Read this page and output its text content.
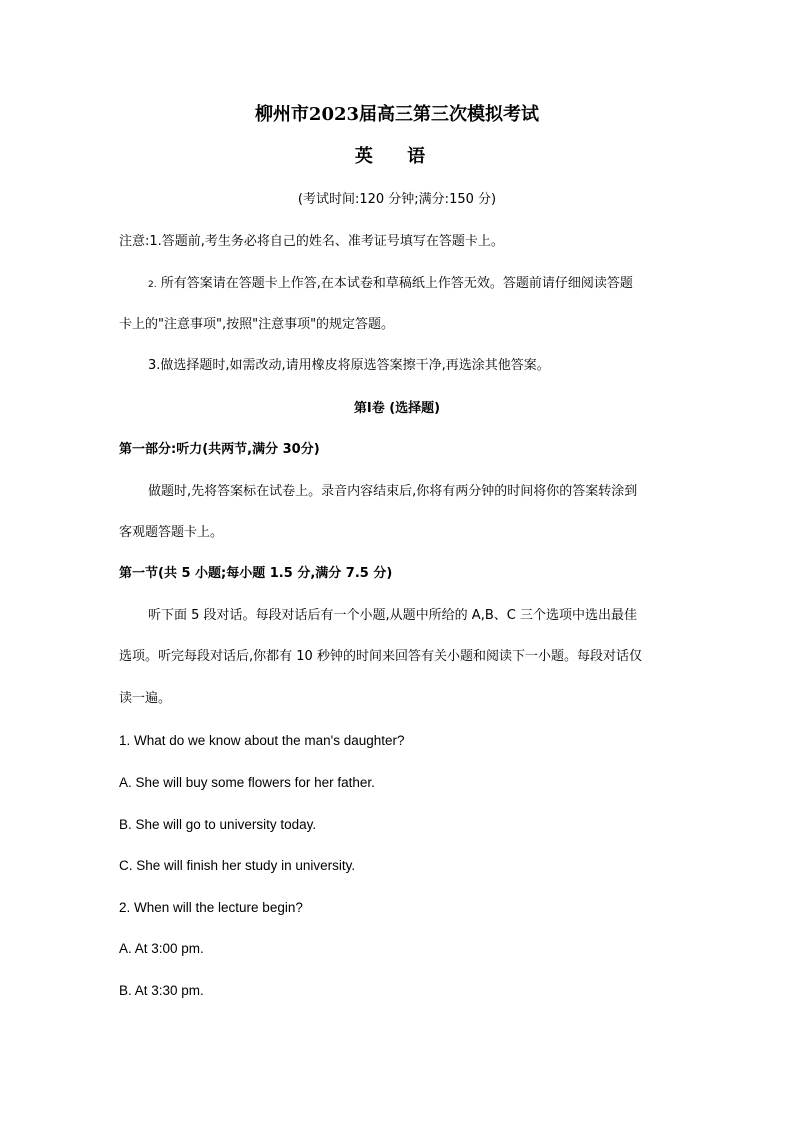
柳州市2023届高三第三次模拟考试
英 语
(考试时间:120 分钟;满分:150 分)
注意:1.答题前,考生务必将自己的姓名、准考证号填写在答题卡上。
2. 所有答案请在答题卡上作答,在本试卷和草稿纸上作答无效。答题前请仔细阅读答题
卡上的"注意事项",按照"注意事项"的规定答题。
3.做选择题时,如需改动,请用橡皮将原选答案擦干净,再选涂其他答案。
第Ⅰ卷 (选择题)
第一部分:听力(共两节,满分 30分)
做题时,先将答案标在试卷上。录音内容结束后,你将有两分钟的时间将你的答案转涂到
客观题答题卡上。
第一节(共 5 小题;每小题 1.5 分,满分 7.5 分)
听下面 5 段对话。每段对话后有一个小题,从题中所给的 A,B、C 三个选项中选出最佳
选项。听完每段对话后,你都有 10 秒钟的时间来回答有关小题和阅读下一小题。每段对话仅
读一遍。
1. What do we know about the man's daughter?
A. She will buy some flowers for her father.
B. She will go to university today.
C. She will finish her study in university.
2. When will the lecture begin?
A. At 3:00 pm.
B. At 3:30 pm.
